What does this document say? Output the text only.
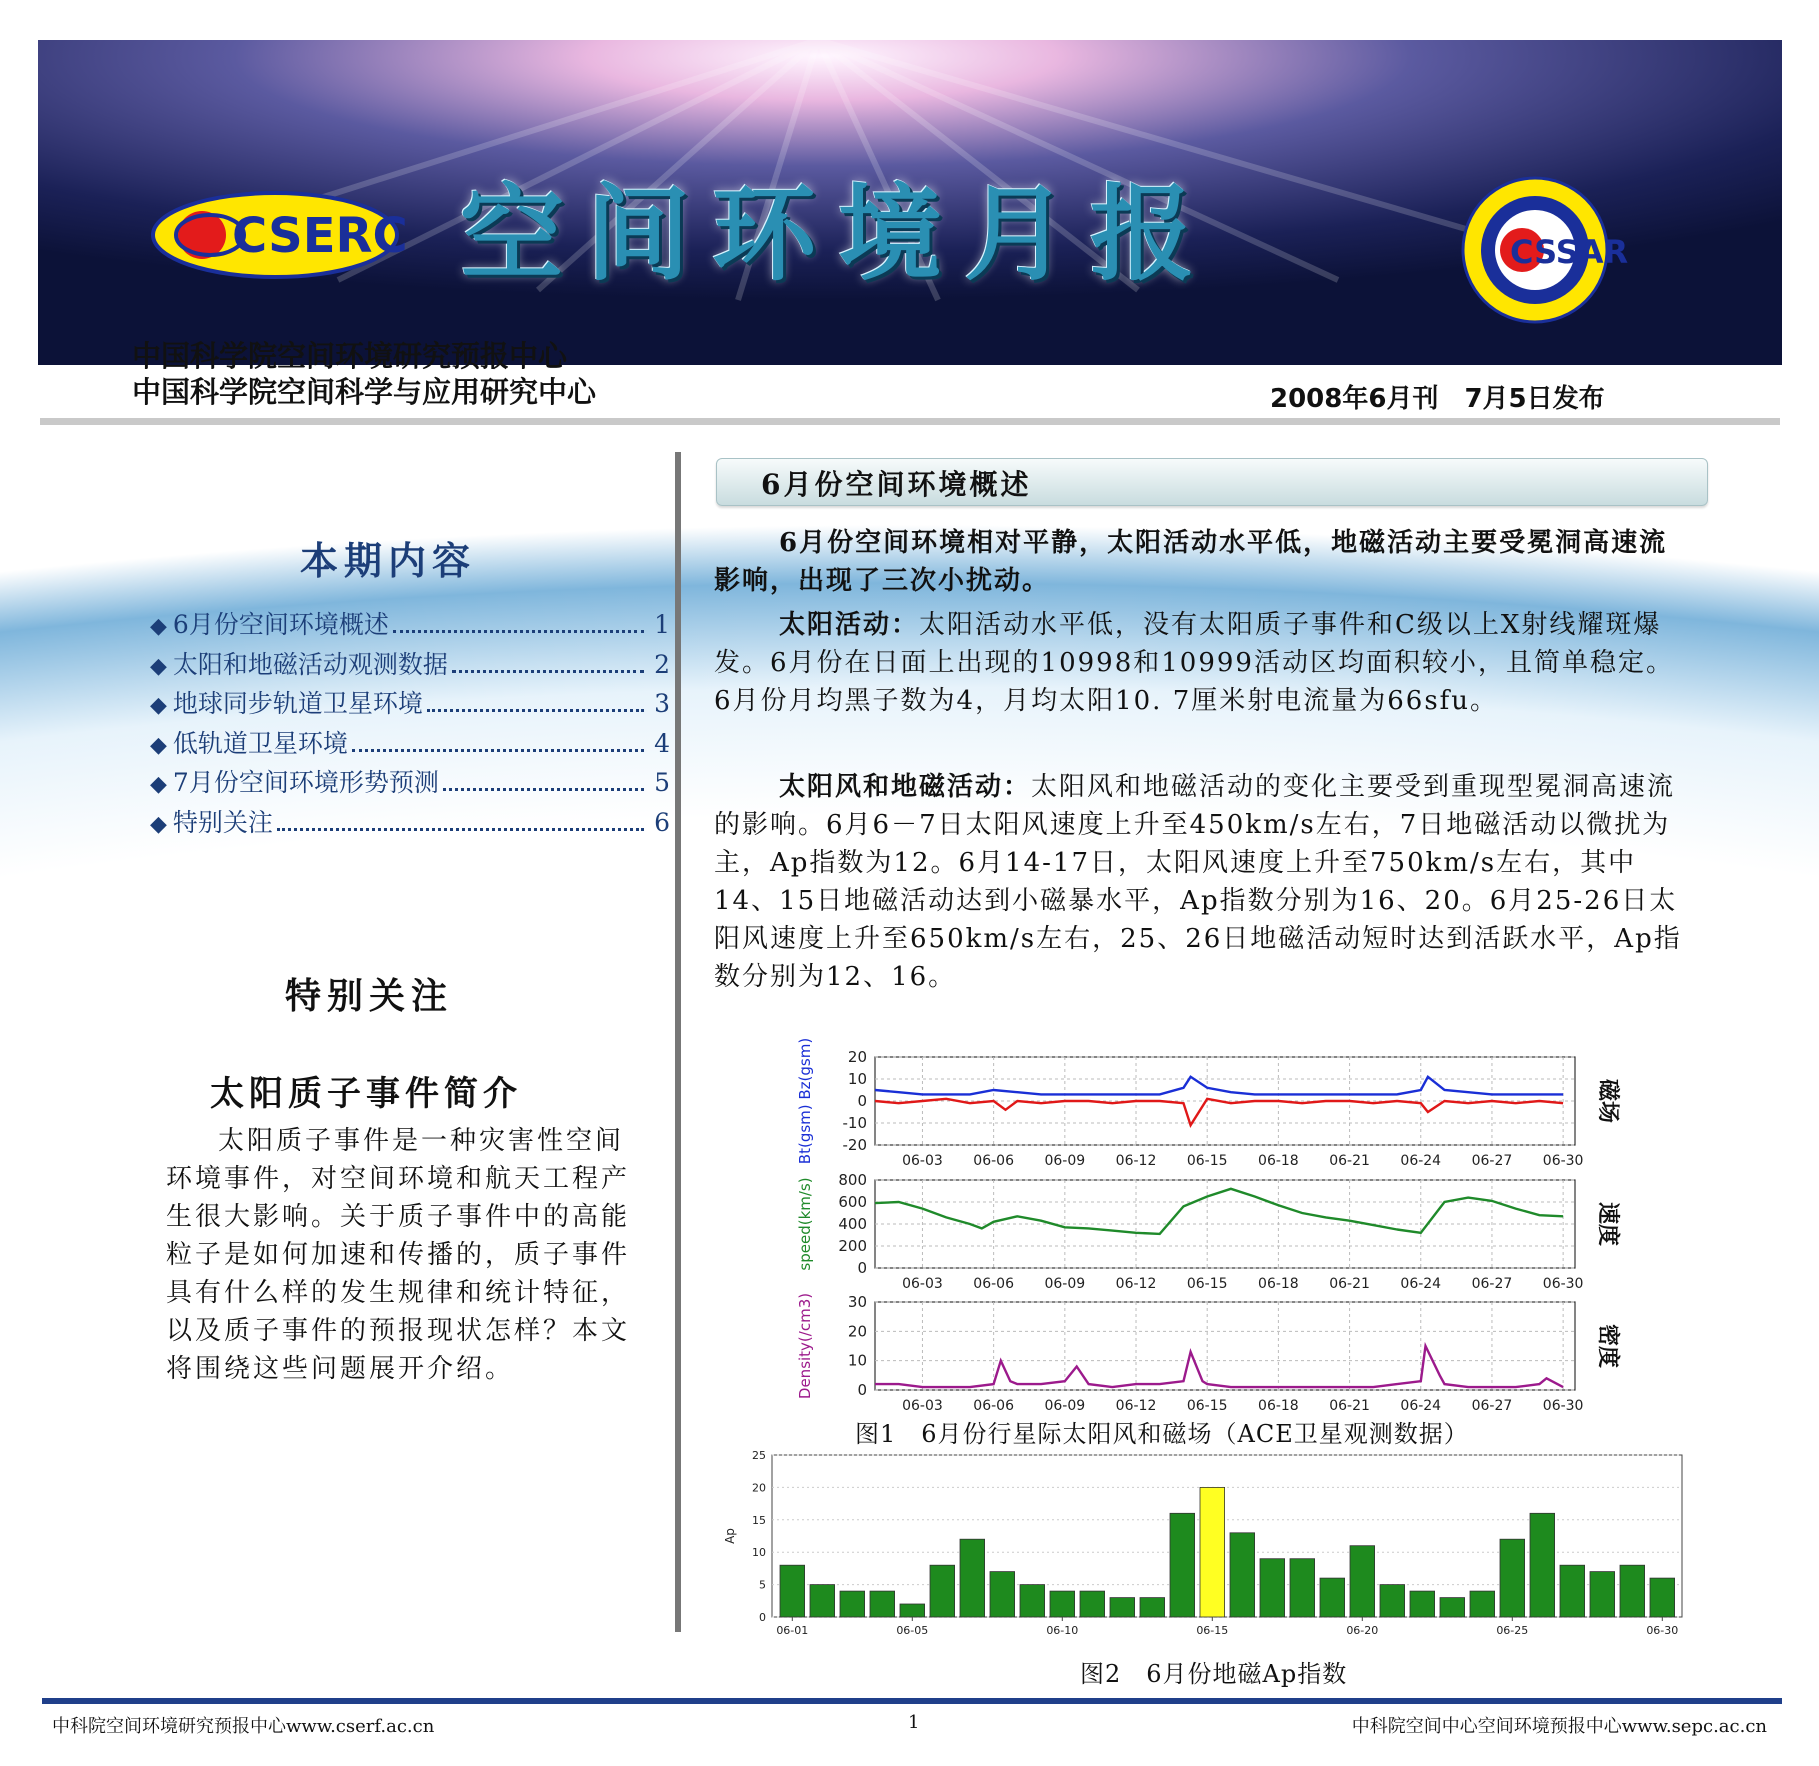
CSERC 空间环境月报	CSSAR
中国科学院空间环境研究预报中心
中国科学院空间科学与应用研究中心	2008年6月刊　7月5日发布
本期内容
◆ 6月份空间环境概述	1
◆ 太阳和地磁活动观测数据	2
◆ 地球同步轨道卫星环境	3
◆ 低轨道卫星环境	4
◆ 7月份空间环境形势预测	5
◆ 特别关注	6
特别关注
太阳质子事件简介

太阳质子事件是一种灾害性空间环境事件，对空间环境和航天工程产生很大影响。关于质子事件中的高能粒子是如何加速和传播的，质子事件具有什么样的发生规律和统计特征，以及质子事件的预报现状怎样？本文将围绕这些问题展开介绍。

6月份空间环境概述

6月份空间环境相对平静，太阳活动水平低，地磁活动主要受冕洞高速流影响，出现了三次小扰动。

太阳活动：太阳活动水平低，没有太阳质子事件和C级以上X射线耀斑爆发。6月份在日面上出现的10998和10999活动区均面积较小，且简单稳定。6月份月均黑子数为4，月均太阳10. 7厘米射电流量为66sfu。

太阳风和地磁活动：太阳风和地磁活动的变化主要受到重现型冕洞高速流的影响。6月6－7日太阳风速度上升至450km/s左右，7日地磁活动以微扰为主，Ap指数为12。6月14-17日，太阳风速度上升至750km/s左右，其中14、15日地磁活动达到小磁暴水平，Ap指数分别为16、20。6月25-26日太阳风速度上升至650km/s左右，25、26日地磁活动短时达到活跃水平，Ap指数分别为12、16。

20
10
0
-10
-20
06-03 06-06 06-09 06-12 06-15 06-18 06-21 06-24 06-27 06-30
Bt(gsm) Bz(gsm)	磁场
800
600
400
200
0
06-03 06-06 06-09 06-12 06-15 06-18 06-21 06-24 06-27 06-30
speed(km/s)	速度
30
20
10
0
06-03 06-06 06-09 06-12 06-15 06-18 06-21 06-24 06-27 06-30
Density(/cm3)	密度
图1　6月份行星际太阳风和磁场（ACE卫星观测数据）
25
20
15
10
5
0
Ap
06-01	06-05	06-10	06-15	06-20	06-25	06-30
图2　6月份地磁Ap指数
中科院空间环境研究预报中心www.cserf.ac.cn	1	中科院空间中心空间环境预报中心www.sepc.ac.cn
